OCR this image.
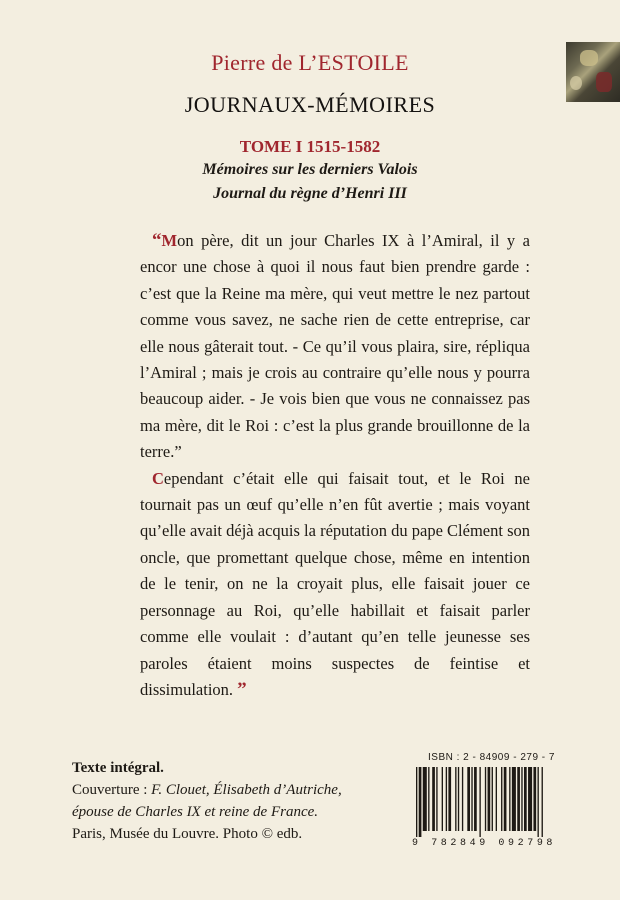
Pierre de L’ESTOILE
JOURNAUX-MÉMOIRES
TOME I 1515-1582
Mémoires sur les derniers Valois
Journal du règne d’Henri III

“Mon père, dit un jour Charles IX à l’Amiral, il y a encor une chose à quoi il nous faut bien prendre garde : c’est que la Reine ma mère, qui veut mettre le nez partout comme vous savez, ne sache rien de cette entreprise, car elle nous gâterait tout. - Ce qu’il vous plaira, sire, répliqua l’Amiral ; mais je crois au contraire qu’elle nous y pourra beaucoup aider. - Je vois bien que vous ne connaissez pas ma mère, dit le Roi : c’est la plus grande brouillonne de la terre.”

Cependant c’était elle qui faisait tout, et le Roi ne tournait pas un œuf qu’elle n’en fût avertie ; mais voyant qu’elle avait déjà acquis la réputation du pape Clément son oncle, que promettant quelque chose, même en intention de le tenir, on ne la croyait plus, elle faisait jouer ce personnage au Roi, qu’elle habillait et faisait parler comme elle voulait : d’autant qu’en telle jeunesse ses paroles étaient moins suspectes de feintise et dissimulation. ”

Texte intégral.
Couverture : F. Clouet, Élisabeth d’Autriche, épouse de Charles IX et reine de France.
Paris, Musée du Louvre. Photo © edb.
ISBN : 2 - 84909 - 279 - 7
9 782849 092798
